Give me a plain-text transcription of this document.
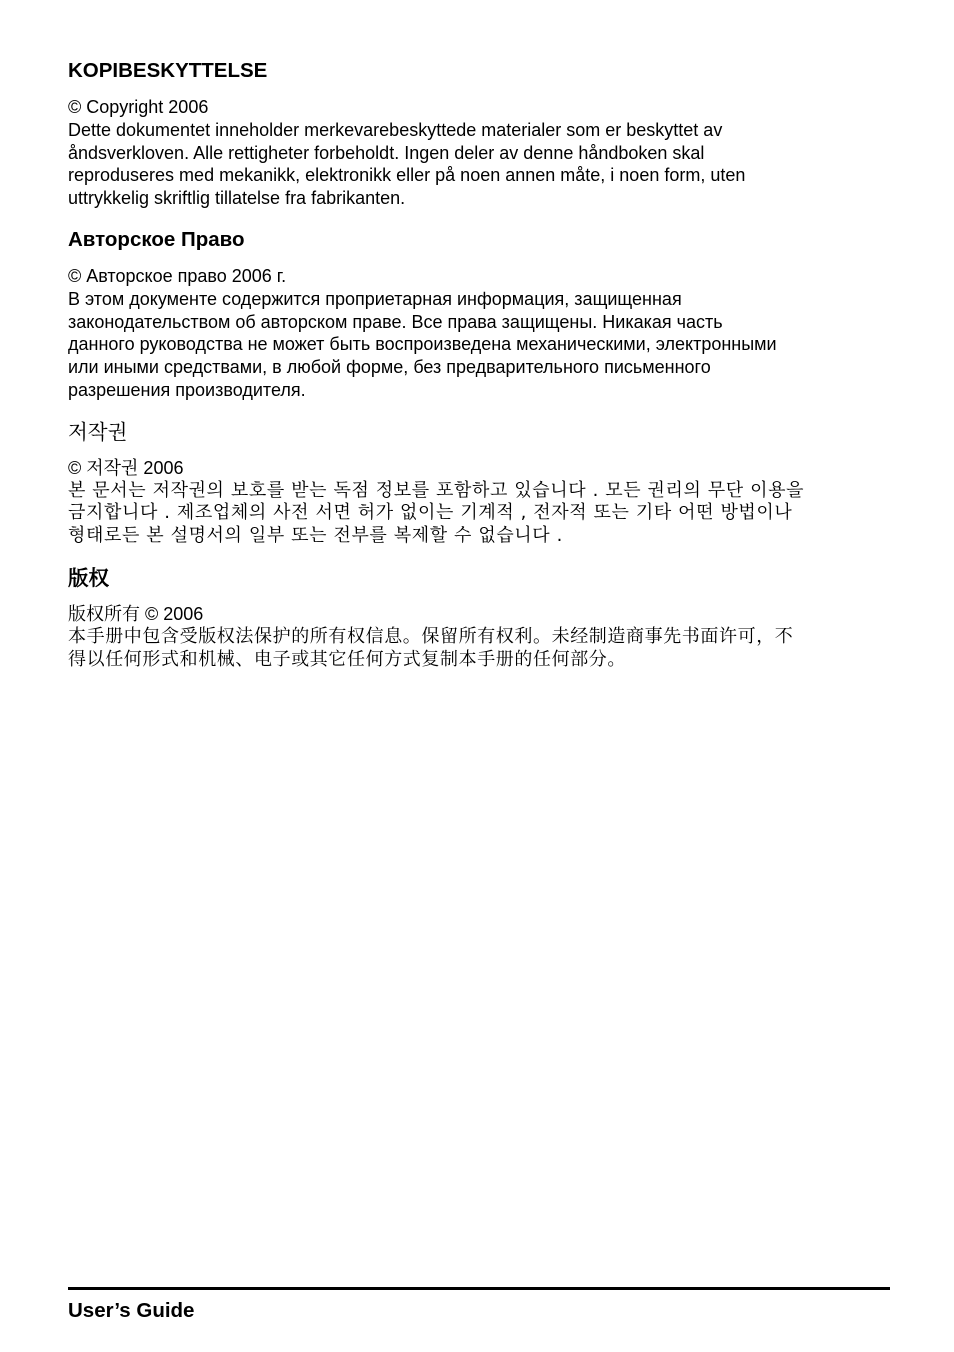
KOPIBESKYTTELSE

© Copyright 2006

Dette dokumentet inneholder merkevarebeskyttede materialer som er beskyttet av

åndsverkloven. Alle rettigheter forbeholdt. Ingen deler av denne håndboken skal

reproduseres med mekanikk, elektronikk eller på noen annen måte, i noen form, uten

uttrykkelig skriftlig tillatelse fra fabrikanten.

Авторское Право

© Авторское право 2006 г.

В этом документе содержится проприетарная информация, защищенная

законодательством об авторском праве. Все права защищены. Никакая часть

данного руководства не может быть воспроизведена механическими, электронными

или иными средствами, в любой форме, без предварительного письменного

разрешения производителя.

저작권

© 저작권 2006

본 문서는 저작권의 보호를 받는 독점 정보를 포함하고 있습니다 . 모든 권리의 무단 이용을

금지합니다 . 제조업체의 사전 서면 허가 없이는 기계적 , 전자적 또는 기타 어떤 방법이나

형태로든 본 설명서의 일부 또는 전부를 복제할 수 없습니다 .

版权

版权所有 © 2006

本手册中包含受版权法保护的所有权信息。保留所有权利。未经制造商事先书面许可，不

得以任何形式和机械、电子或其它任何方式复制本手册的任何部分。

User’s Guide
